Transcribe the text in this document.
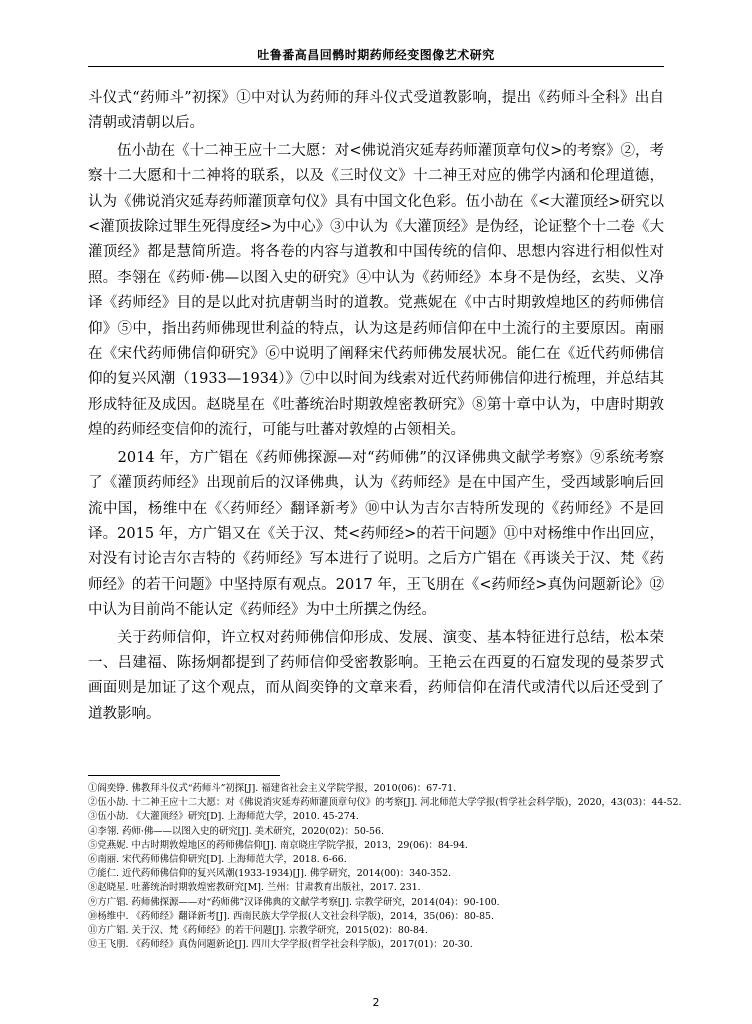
吐鲁番高昌回鹘时期药师经变图像艺术研究

斗仪式“药师斗”初探》①中对认为药师的拜斗仪式受道教影响，提出《药师斗全科》出自清朝或清朝以后。

　　伍小劼在《十二神王应十二大愿：对<佛说消灾延寿药师灌顶章句仪>的考察》②，考察十二大愿和十二神将的联系，以及《三时仪文》十二神王对应的佛学内涵和伦理道德，认为《佛说消灾延寿药师灌顶章句仪》具有中国文化色彩。伍小劼在《<大灌顶经>研究以<灌顶拔除过罪生死得度经>为中心》③中认为《大灌顶经》是伪经，论证整个十二卷《大灌顶经》都是慧简所造。将各卷的内容与道教和中国传统的信仰、思想内容进行相似性对照。李翎在《药师·佛—以图入史的研究》④中认为《药师经》本身不是伪经，玄奘、义净译《药师经》目的是以此对抗唐朝当时的道教。党燕妮在《中古时期敦煌地区的药师佛信仰》⑤中，指出药师佛现世利益的特点，认为这是药师信仰在中土流行的主要原因。南丽在《宋代药师佛信仰研究》⑥中说明了阐释宋代药师佛发展状况。能仁在《近代药师佛信仰的复兴风潮（1933—1934）》⑦中以时间为线索对近代药师佛信仰进行梳理，并总结其形成特征及成因。赵晓星在《吐蕃统治时期敦煌密教研究》⑧第十章中认为，中唐时期敦煌的药师经变信仰的流行，可能与吐蕃对敦煌的占领相关。

　　2014 年，方广锠在《药师佛探源—对“药师佛”的汉译佛典文献学考察》⑨系统考察了《灌顶药师经》出现前后的汉译佛典，认为《药师经》是在中国产生，受西域影响后回流中国，杨维中在《〈药师经〉翻译新考》⑩中认为吉尔吉特所发现的《药师经》不是回译。2015 年，方广锠又在《关于汉、梵<药师经>的若干问题》⑪中对杨维中作出回应，对没有讨论吉尔吉特的《药师经》写本进行了说明。之后方广锠在《再谈关于汉、梵《药师经》的若干问题》中坚持原有观点。2017 年，王飞朋在《<药师经>真伪问题新论》⑫中认为目前尚不能认定《药师经》为中土所撰之伪经。

　　关于药师信仰，许立权对药师佛信仰形成、发展、演变、基本特征进行总结，松本荣一、吕建福、陈扬炯都提到了药师信仰受密教影响。王艳云在西夏的石窟发现的曼荼罗式画面则是加证了这个观点，而从阎奕铮的文章来看，药师信仰在清代或清代以后还受到了道教影响。

①阎奕铮. 佛教拜斗仪式“药师斗”初探[J]. 福建省社会主义学院学报，2010(06)：67-71.

②伍小劼. 十二神王应十二大愿：对《佛说消灾延寿药师灌顶章句仪》的考察[J]. 河北师范大学学报(哲学社会科学版)，2020，43(03)：44-52.

③伍小劼. 《大灌顶经》研究[D]. 上海师范大学，2010. 45-274.

④李翎. 药师·佛——以图入史的研究[J]. 美术研究，2020(02)：50-56.

⑤党燕妮. 中古时期敦煌地区的药师佛信仰[J]. 南京晓庄学院学报，2013，29(06)：84-94.

⑥南丽. 宋代药师佛信仰研究[D]. 上海师范大学，2018. 6-66.

⑦能仁. 近代药师佛信仰的复兴风潮(1933-1934)[J]. 佛学研究，2014(00)：340-352.

⑧赵晓星. 吐蕃统治时期敦煌密教研究[M]. 兰州：甘肃教育出版社，2017. 231.

⑨方广锠. 药师佛探源——对“药师佛”汉译佛典的文献学考察[J]. 宗教学研究，2014(04)：90-100.

⑩杨维中. 《药师经》翻译新考[J]. 西南民族大学学报(人文社会科学版)，2014，35(06)：80-85.

⑪方广锠. 关于汉、梵《药师经》的若干问题[J]. 宗教学研究，2015(02)：80-84.

⑫王飞朋. 《药师经》真伪问题新论[J]. 四川大学学报(哲学社会科学版)，2017(01)：20-30.

2
